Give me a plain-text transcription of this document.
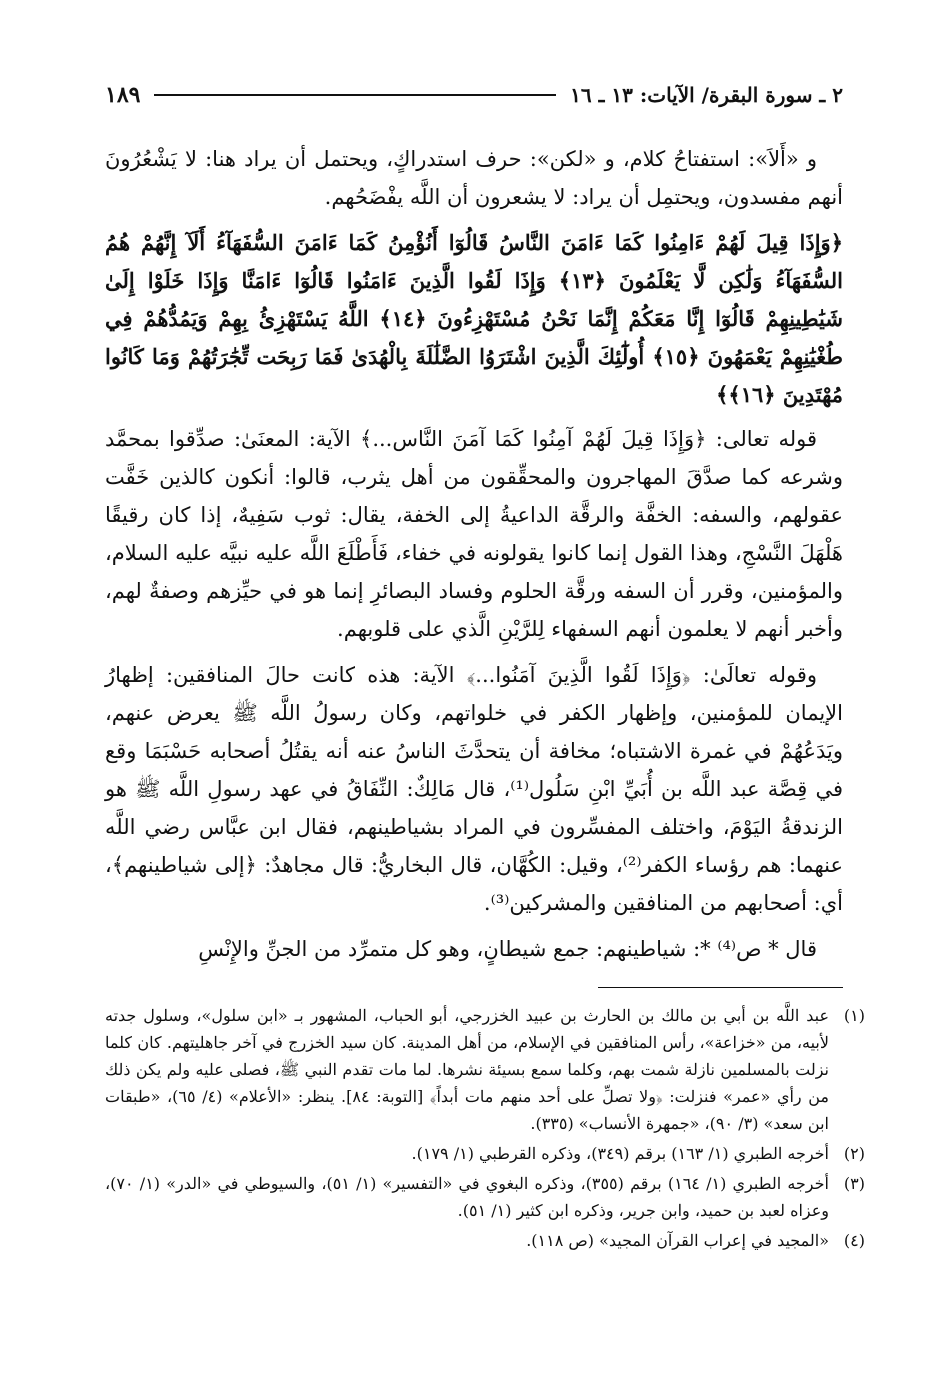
٢ ـ سورة البقرة/ الآيات: ١٣ ـ ١٦
١٨٩

و «أَلاَ»: استفتاحُ كلام، و «لكن»: حرف استدراكٍ، ويحتمل أن يراد هنا: لا يَشْعُرُونَ أنهم مفسدون، ويحتمِل أن يراد: لا يشعرون أن اللَّه يفْضَحُهم.

﴿وَإِذَا قِيلَ لَهُمْ ءَامِنُوا كَمَا ءَامَنَ النَّاسُ قَالُوٓا أَنُؤْمِنُ كَمَا ءَامَنَ السُّفَهَآءُ أَلَآ إِنَّهُمْ هُمُ السُّفَهَآءُ وَلَٰكِن لَّا يَعْلَمُونَ ﴿١٣﴾ وَإِذَا لَقُوا الَّذِينَ ءَامَنُوا قَالُوٓا ءَامَنَّا وَإِذَا خَلَوْا إِلَىٰ شَيَٰطِينِهِمْ قَالُوٓا إِنَّا مَعَكُمْ إِنَّمَا نَحْنُ مُسْتَهْزِءُونَ ﴿١٤﴾ اللَّهُ يَسْتَهْزِئُ بِهِمْ وَيَمُدُّهُمْ فِي طُغْيَٰنِهِمْ يَعْمَهُونَ ﴿١٥﴾ أُولَٰٓئِكَ الَّذِينَ اشْتَرَوُا الضَّلَٰلَةَ بِالْهُدَىٰ فَمَا رَبِحَت تِّجَٰرَتُهُمْ وَمَا كَانُوا مُهْتَدِينَ ﴿١٦﴾﴾

قوله تعالى: ﴿وَإِذَا قِيلَ لَهُمْ آمِنُوا كَمَا آمَنَ النَّاس...﴾ الآية: المعنَىٰ: صدِّقوا بمحمَّد وشرعه كما صدَّقَ المهاجرون والمحقِّقون من أهل يثرب، قالوا: أنكون كالذين خَفَّت عقولهم، والسفه: الخفَّة والرقَّة الداعيةُ إلى الخفة، يقال: ثوب سَفِيهٌ، إذا كان رقيقًا هَلْهَلَ النَّسْجِ، وهذا القول إنما كانوا يقولونه في خفاء، فَأَطْلَعَ اللَّه عليه نبيَّه عليه السلام، والمؤمنين، وقرر أن السفه ورقَّة الحلوم وفساد البصائرِ إنما هو في حيِّزهم وصفةٌ لهم، وأخبر أنهم لا يعلمون أنهم السفهاء لِلرَّيْنِ الَّذي على قلوبهم.

وقوله تعالَىٰ: ﴿وَإِذَا لَقُوا الَّذِينَ آمَنُوا...﴾ الآية: هذه كانت حالَ المنافقين: إظهارُ الإيمان للمؤمنين، وإظهار الكفر في خلواتهم، وكان رسولُ اللَّه ﷺ يعرض عنهم، ويَدَعُهُمْ في غمرة الاشتباه؛ مخافة أن يتحدَّثَ الناسُ عنه أنه يقتُلُ أصحابه حَسْبَمَا وقع في قِصَّة عبد اللَّه بن أُبَيِّ ابْنِ سَلُول⁽¹⁾، قال مَالِكٌ: النِّفَاقُ في عهد رسولِ اللَّه ﷺ هو الزندقةُ اليَوْمَ، واختلف المفسِّرون في المراد بشياطينهم، فقال ابن عبَّاس رضي اللَّه عنهما: هم رؤساء الكفر⁽²⁾، وقيل: الكُهَّان، قال البخاريُّ: قال مجاهدٌ: ﴿إلى شياطينهم﴾، أي: أصحابهم من المنافقين والمشركين⁽³⁾.

قال * ص⁽⁴⁾ *: شياطينهم: جمع شيطانٍ، وهو كل متمرِّد من الجنِّ والإِنْسِ

(١)
عبد اللَّه بن أبي بن مالك بن الحارث بن عبيد الخزرجي، أبو الحباب، المشهور بـ «ابن سلول»، وسلول جدته لأبيه، من «خزاعة»، رأس المنافقين في الإسلام، من أهل المدينة. كان سيد الخزرج في آخر جاهليتهم. كان كلما نزلت بالمسلمين نازلة شمت بهم، وكلما سمع بسيئة نشرها. لما مات تقدم النبي ﷺ، فصلى عليه ولم يكن ذلك من رأي «عمر» فنزلت: ﴿ولا تصلِّ على أحد منهم مات أبداً﴾ [التوبة: ٨٤]. ينظر: «الأعلام» (٤/ ٦٥)، «طبقات ابن سعد» (٣/ ٩٠)، «جمهرة الأنساب» (٣٣٥).
(٢)
أخرجه الطبري (١/ ١٦٣) برقم (٣٤٩)، وذكره القرطبي (١/ ١٧٩).
(٣)
أخرجه الطبري (١/ ١٦٤) برقم (٣٥٥)، وذكره البغوي في «التفسير» (١/ ٥١)، والسيوطي في «الدر» (١/ ٧٠)، وعزاه لعبد بن حميد، وابن جرير، وذكره ابن كثير (١/ ٥١).
(٤)
«المجيد في إعراب القرآن المجيد» (ص ١١٨).
